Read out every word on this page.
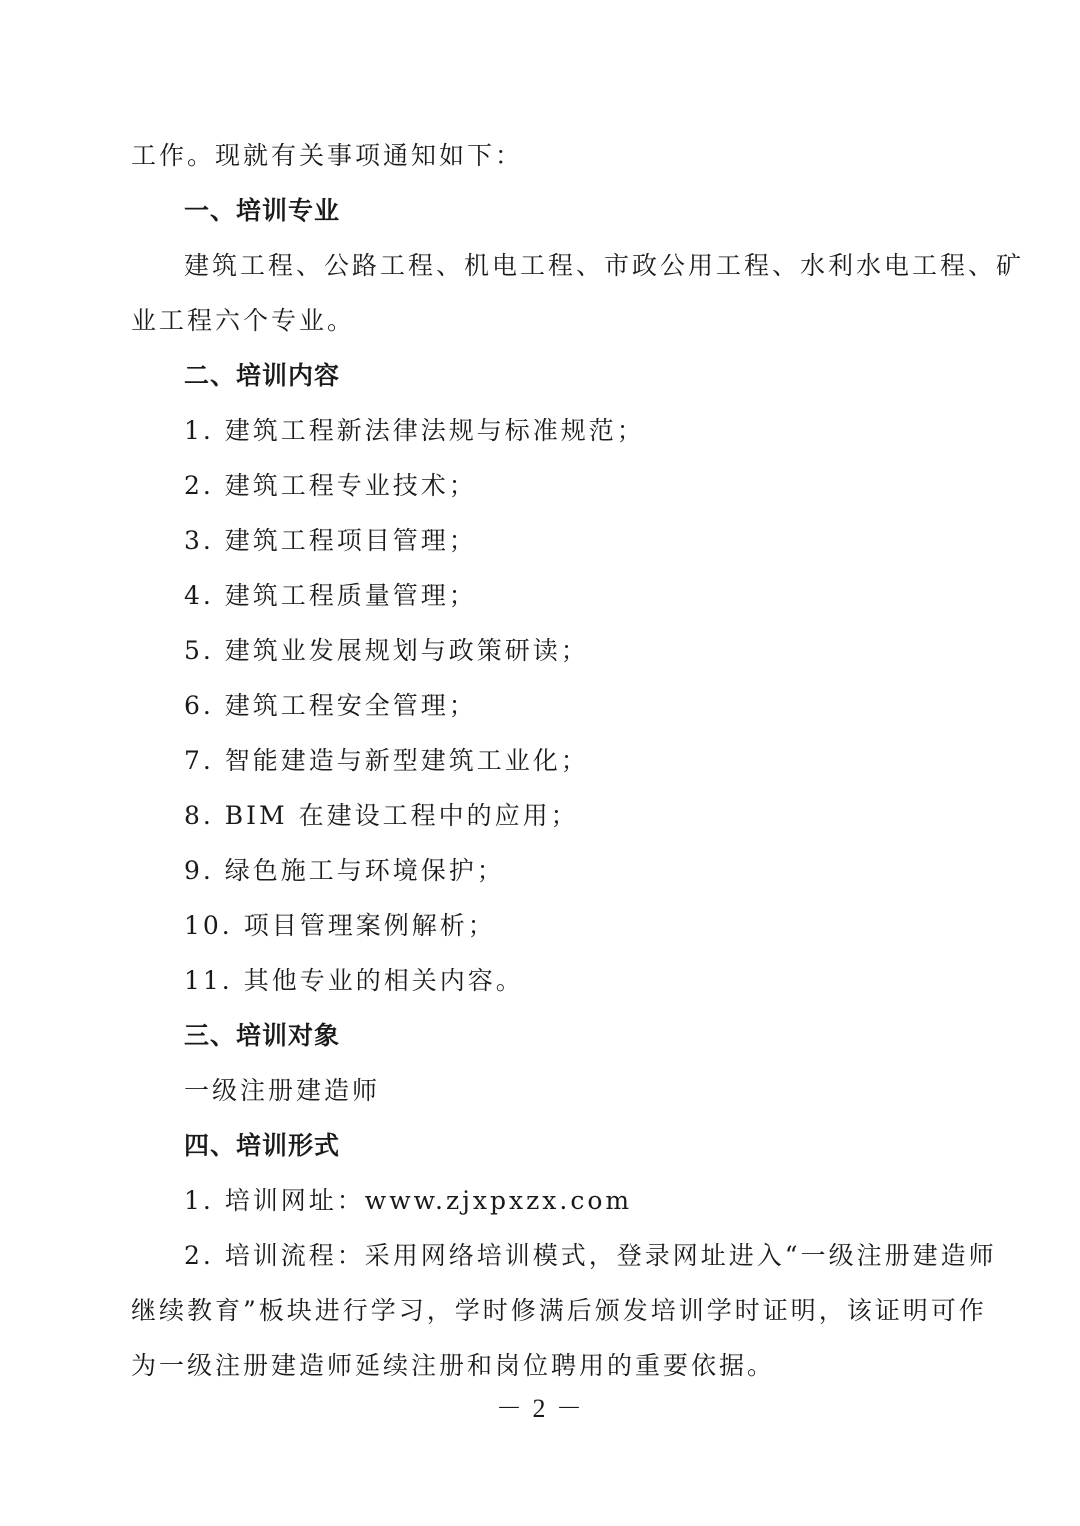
工作。现就有关事项通知如下：
一、培训专业
建筑工程、公路工程、机电工程、市政公用工程、水利水电工程、矿
业工程六个专业。
二、培训内容
1. 建筑工程新法律法规与标准规范；
2. 建筑工程专业技术；
3. 建筑工程项目管理；
4. 建筑工程质量管理；
5. 建筑业发展规划与政策研读；
6. 建筑工程安全管理；
7. 智能建造与新型建筑工业化；
8. BIM 在建设工程中的应用；
9. 绿色施工与环境保护；
10. 项目管理案例解析；
11. 其他专业的相关内容。
三、培训对象
一级注册建造师
四、培训形式
1. 培训网址：www.zjxpxzx.com
2. 培训流程：采用网络培训模式，登录网址进入“一级注册建造师
继续教育”板块进行学习，学时修满后颁发培训学时证明，该证明可作
为一级注册建造师延续注册和岗位聘用的重要依据。
－ 2 －
